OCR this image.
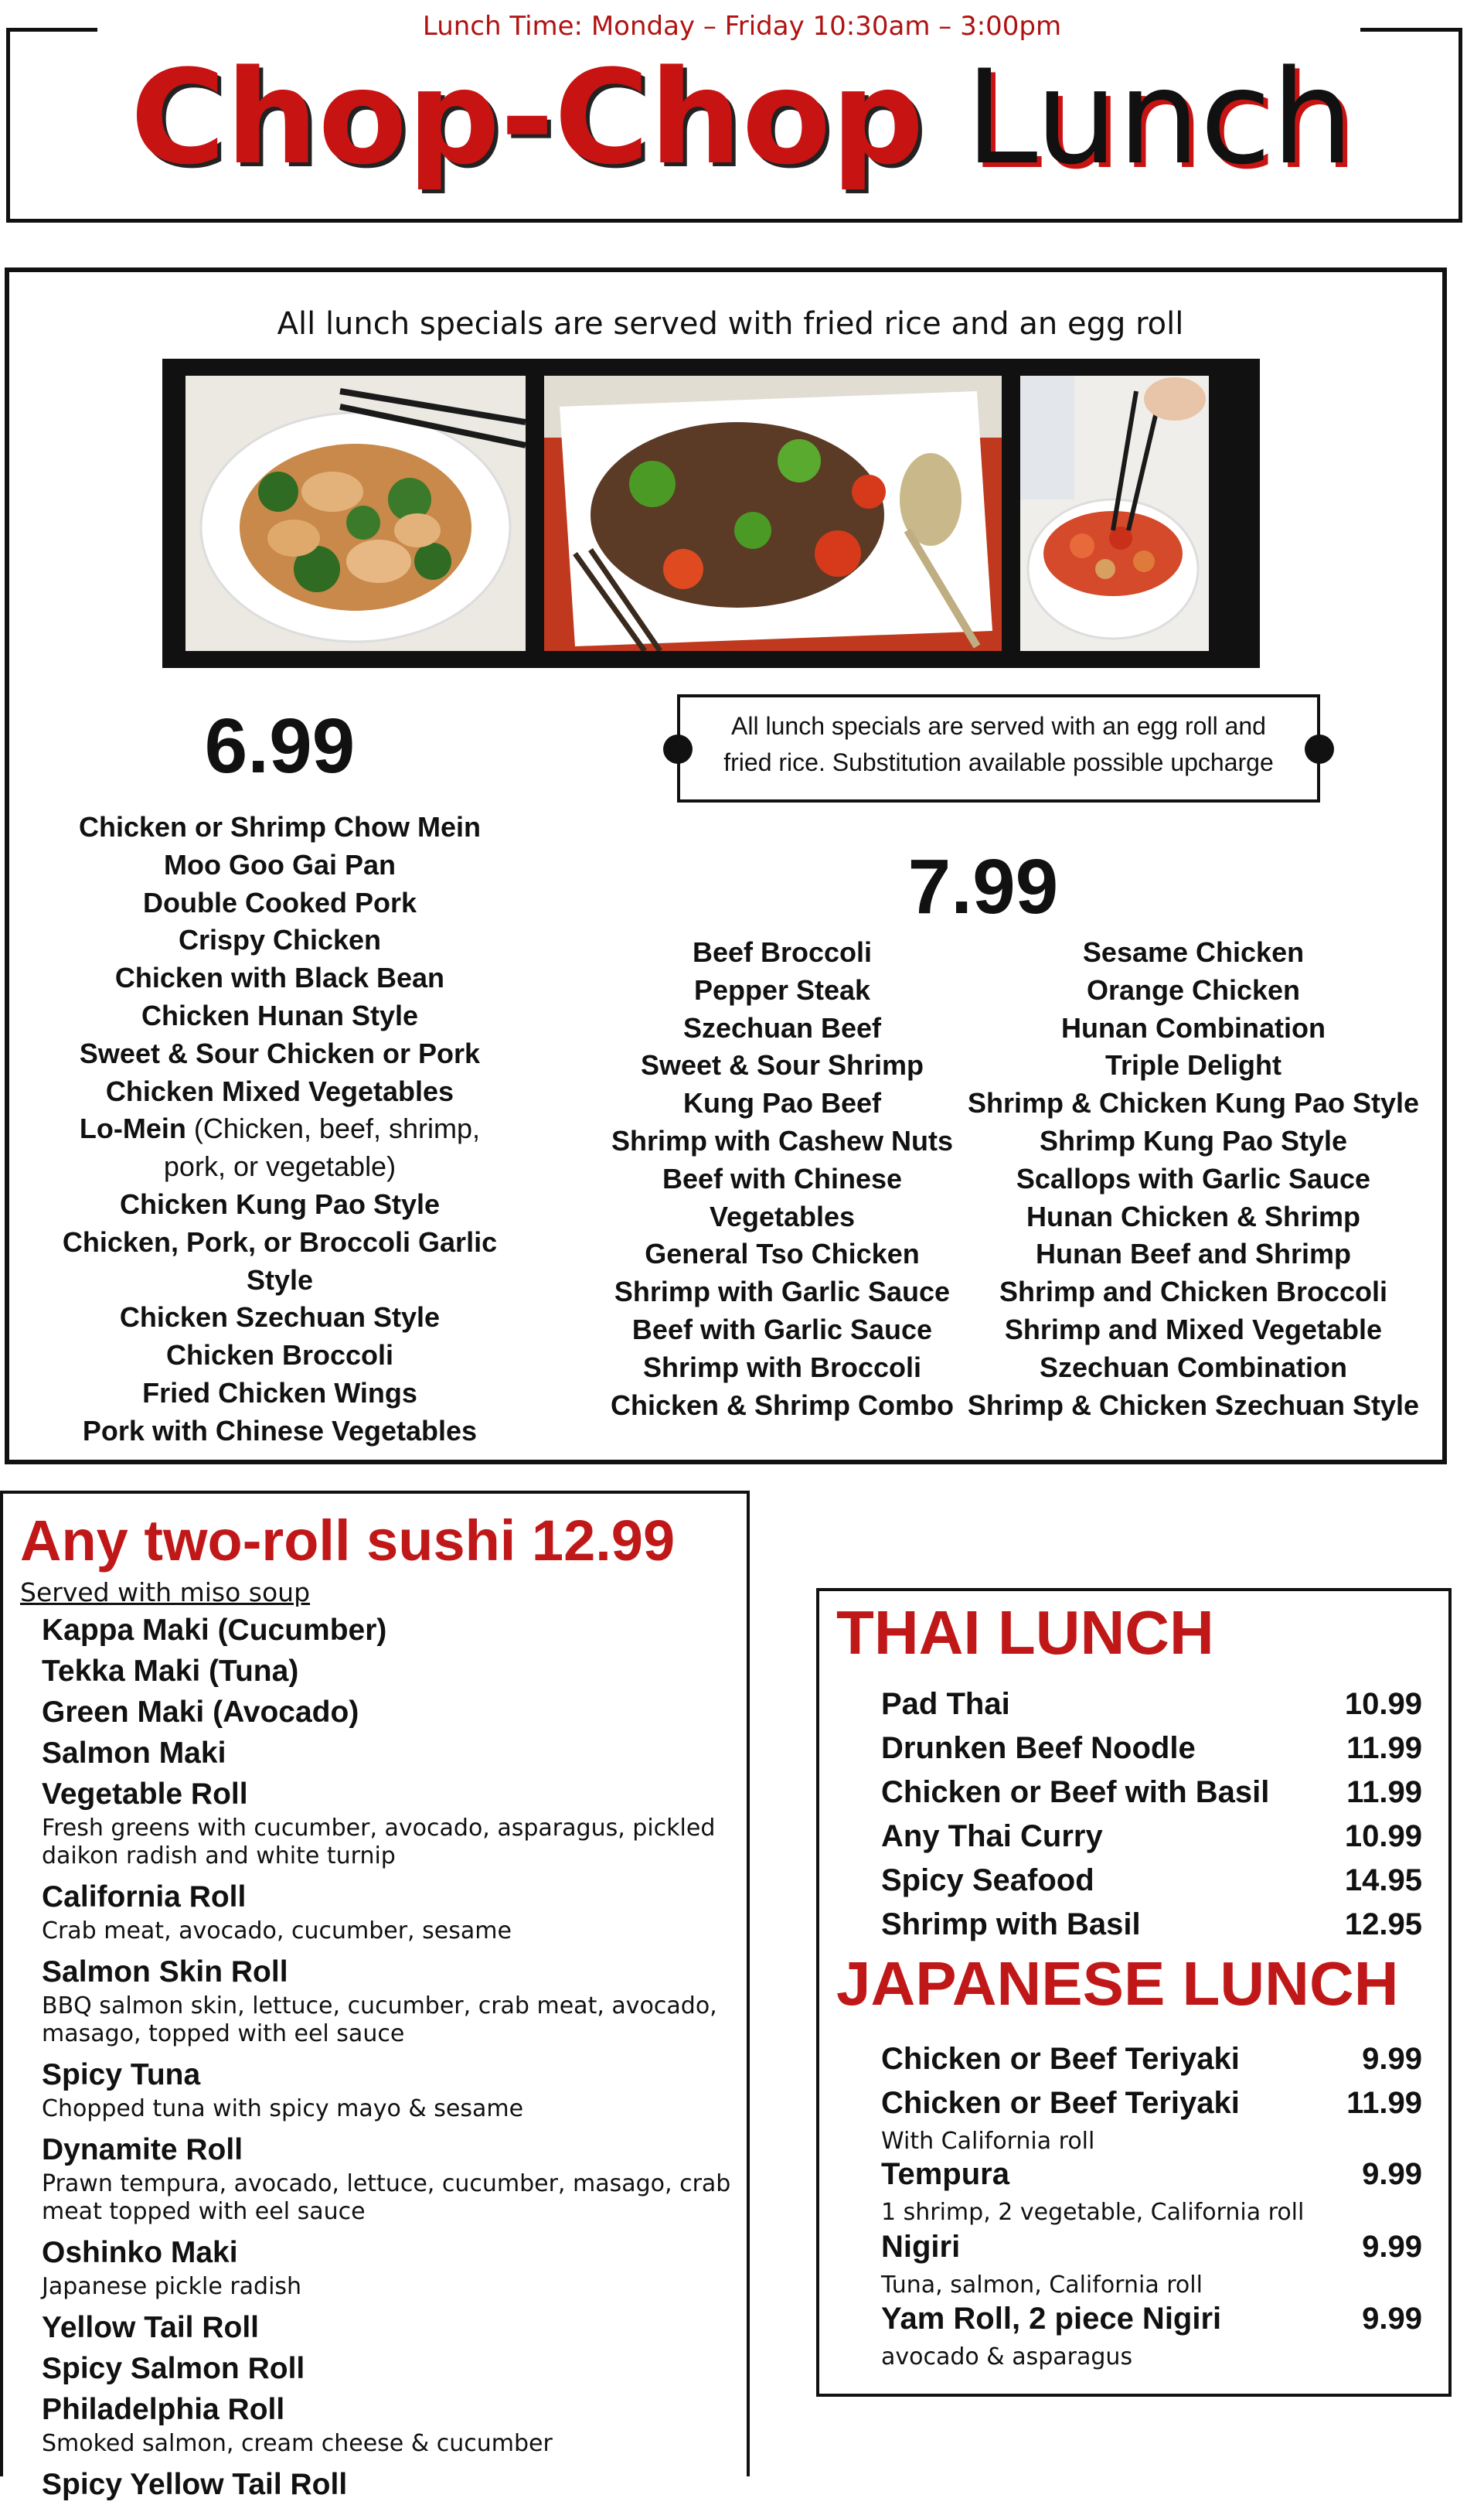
Lunch Time: Monday – Friday 10:30am – 3:00pm
Chop-Chop Lunch
All lunch specials are served with fried rice and an egg roll
6.99
Chicken or Shrimp Chow Mein
Moo Goo Gai Pan
Double Cooked Pork
Crispy Chicken
Chicken with Black Bean
Chicken Hunan Style
Sweet & Sour Chicken or Pork
Chicken Mixed Vegetables
Lo-Mein (Chicken, beef, shrimp,
pork, or vegetable)
Chicken Kung Pao Style
Chicken, Pork, or Broccoli Garlic
Style
Chicken Szechuan Style
Chicken Broccoli
Fried Chicken Wings
Pork with Chinese Vegetables
All lunch specials are served with an egg roll and
fried rice. Substitution available possible upcharge
7.99
Beef Broccoli
Pepper Steak
Szechuan Beef
Sweet & Sour Shrimp
Kung Pao Beef
Shrimp with Cashew Nuts
Beef with Chinese
Vegetables
General Tso Chicken
Shrimp with Garlic Sauce
Beef with Garlic Sauce
Shrimp with Broccoli
Chicken & Shrimp Combo
Sesame Chicken
Orange Chicken
Hunan Combination
Triple Delight
Shrimp & Chicken Kung Pao Style
Shrimp Kung Pao Style
Scallops with Garlic Sauce
Hunan Chicken & Shrimp
Hunan Beef and Shrimp
Shrimp and Chicken Broccoli
Shrimp and Mixed Vegetable
Szechuan Combination
Shrimp & Chicken Szechuan Style
Any two-roll sushi 12.99
Served with miso soup
Kappa Maki (Cucumber)
Tekka Maki (Tuna)
Green Maki (Avocado)
Salmon Maki
Vegetable Roll
Fresh greens with cucumber, avocado, asparagus, pickled daikon radish and white turnip
California Roll
Crab meat, avocado, cucumber, sesame
Salmon Skin Roll
BBQ salmon skin, lettuce, cucumber, crab meat, avocado, masago, topped with eel sauce
Spicy Tuna
Chopped tuna with spicy mayo & sesame
Dynamite Roll
Prawn tempura, avocado, lettuce, cucumber, masago, crab meat topped with eel sauce
Oshinko Maki
Japanese pickle radish
Yellow Tail Roll
Spicy Salmon Roll
Philadelphia Roll
Smoked salmon, cream cheese & cucumber
Spicy Yellow Tail Roll
THAI LUNCH
Pad Thai	10.99
Drunken Beef Noodle	11.99
Chicken or Beef with Basil 11.99
Any Thai Curry	10.99
Spicy Seafood	14.95
Shrimp with Basil	12.95
JAPANESE LUNCH
Chicken or Beef Teriyaki	9.99
Chicken or Beef Teriyaki	11.99
With California roll
Tempura	9.99
1 shrimp, 2 vegetable, California roll
Nigiri	9.99
Tuna, salmon, California roll
Yam Roll, 2 piece Nigiri	9.99
avocado & asparagus
